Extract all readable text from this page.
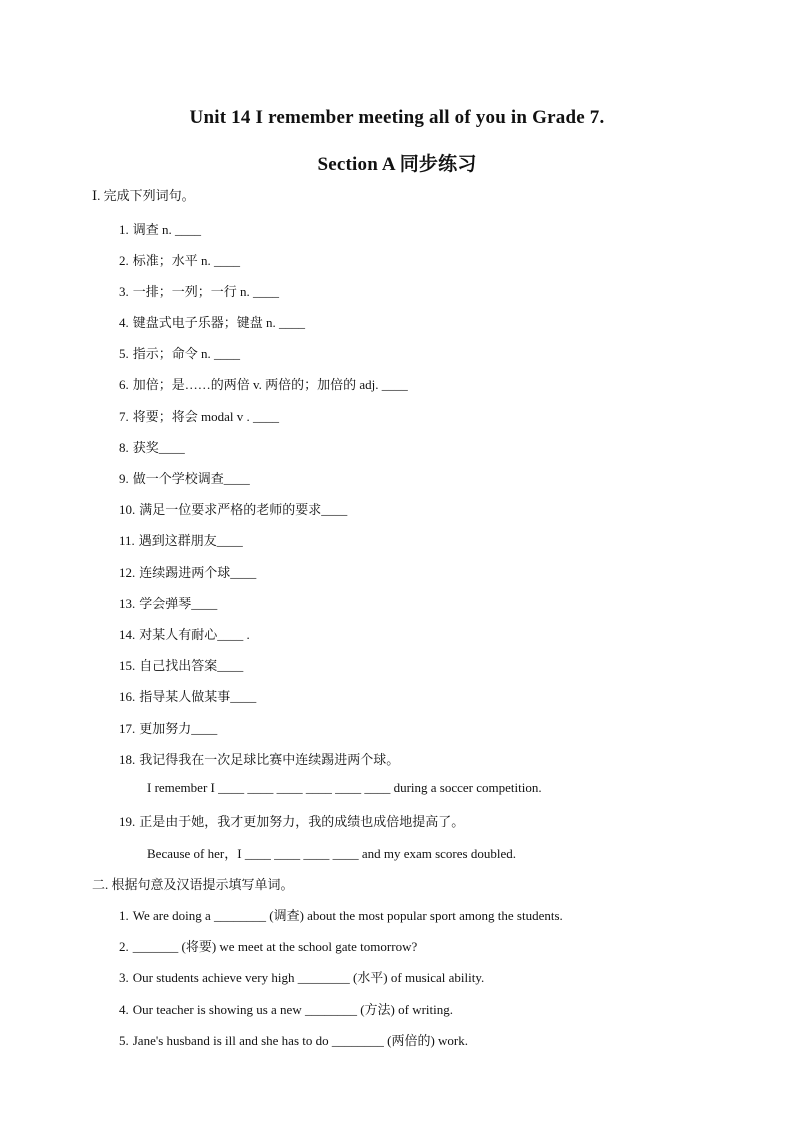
Unit 14 I remember meeting all of you in Grade 7.
Section A 同步练习
Ⅰ. 完成下列词句。
1. 调查 n. ____
2. 标准；水平 n. ____
3. 一排；一列；一行 n. ____
4. 键盘式电子乐器；键盘 n. ____
5. 指示；命令 n. ____
6. 加倍；是……的两倍 v. 两倍的；加倍的 adj. ____
7. 将要；将会 modal v . ____
8. 获奖____
9. 做一个学校调查____
10. 满足一位要求严格的老师的要求____
11. 遇到这群朋友____
12. 连续踢进两个球____
13. 学会弹琴____
14. 对某人有耐心____ .
15. 自己找出答案____
16. 指导某人做某事____
17. 更加努力____
18. 我记得我在一次足球比赛中连续踢进两个球。
I remember I ____ ____ ____ ____ ____ ____ during a soccer competition.
19. 正是由于她，我才更加努力，我的成绩也成倍地提高了。
Because of her，I ____ ____ ____ ____ and my exam scores doubled.
二. 根据句意及汉语提示填写单词。
1. We are doing a ________ (调查) about the most popular sport among the students.
2. _______ (将要) we meet at the school gate tomorrow?
3. Our students achieve very high ________ (水平) of musical ability.
4. Our teacher is showing us a new ________ (方法) of writing.
5. Jane's husband is ill and she has to do ________ (两倍的) work.
